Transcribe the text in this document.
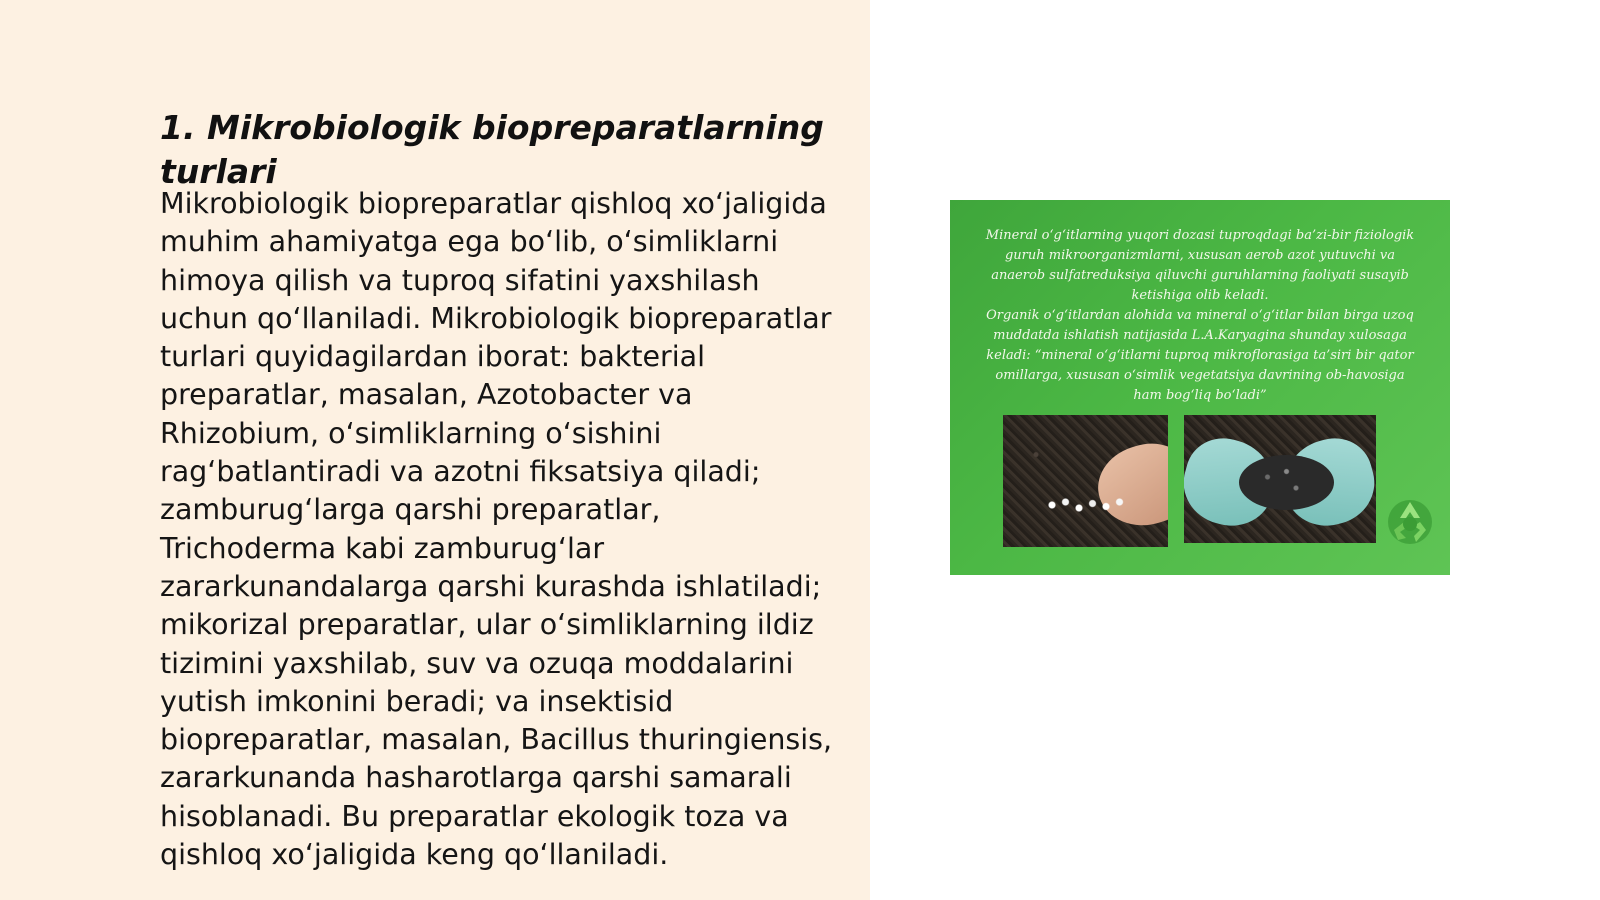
1. Mikrobiologik biopreparatlarning turlari

Mikrobiologik biopreparatlar qishloq xo‘jaligida muhim ahamiyatga ega bo‘lib, o‘simliklarni himoya qilish va tuproq sifatini yaxshilash uchun qo‘llaniladi. Mikrobiologik biopreparatlar turlari quyidagilardan iborat: bakterial preparatlar, masalan, Azotobacter va Rhizobium, o‘simliklarning o‘sishini rag‘batlantiradi va azotni fiksatsiya qiladi; zamburug‘larga qarshi preparatlar, Trichoderma kabi zamburug‘lar zararkunandalarga qarshi kurashda ishlatiladi; mikorizal preparatlar, ular o‘simliklarning ildiz tizimini yaxshilab, suv va ozuqa moddalarini yutish imkonini beradi; va insektisid biopreparatlar, masalan, Bacillus thuringiensis, zararkunanda hasharotlarga qarshi samarali hisoblanadi. Bu preparatlar ekologik toza va qishloq xo‘jaligida keng qo‘llaniladi.

Mineral o‘g‘itlarning yuqori dozasi tuproqdagi ba’zi-bir fiziologik guruh mikroorganizmlarni, xususan aerob azot yutuvchi va anaerob sulfatreduksiya qiluvchi guruhlarning faoliyati susayib ketishiga olib keladi.
Organik o‘g‘itlardan alohida va mineral o‘g‘itlar bilan birga uzoq muddatda ishlatish natijasida L.A.Karyagina shunday xulosaga keladi: “mineral o‘g‘itlarni tuproq mikroflorasiga ta’siri bir qator omillarga, xususan o‘simlik vegetatsiya davrining ob-havosiga ham bog‘liq bo‘ladi”
